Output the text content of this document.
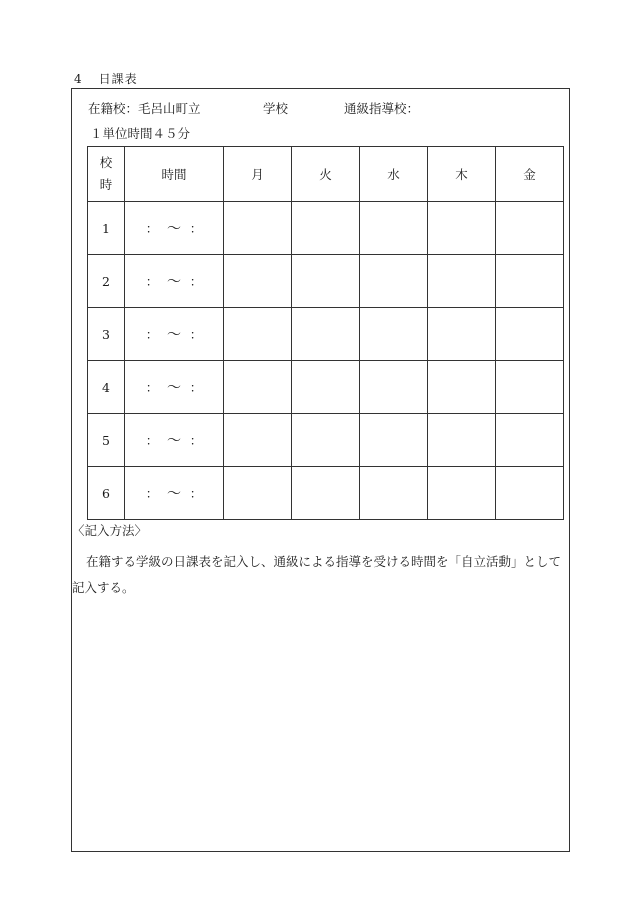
4 日課表
在籍校：毛呂山町立	学校	通級指導校：
１単位時間４５分
校
時	時間	月	火	水	木	金
1	： ～ ：					
2	： ～ ：					
3	： ～ ：					
4	： ～ ：					
5	： ～ ：					
6	： ～ ：					
〈記入方法〉
在籍する学級の日課表を記入し、通級による指導を受ける時間を「自立活動」として記入する。
